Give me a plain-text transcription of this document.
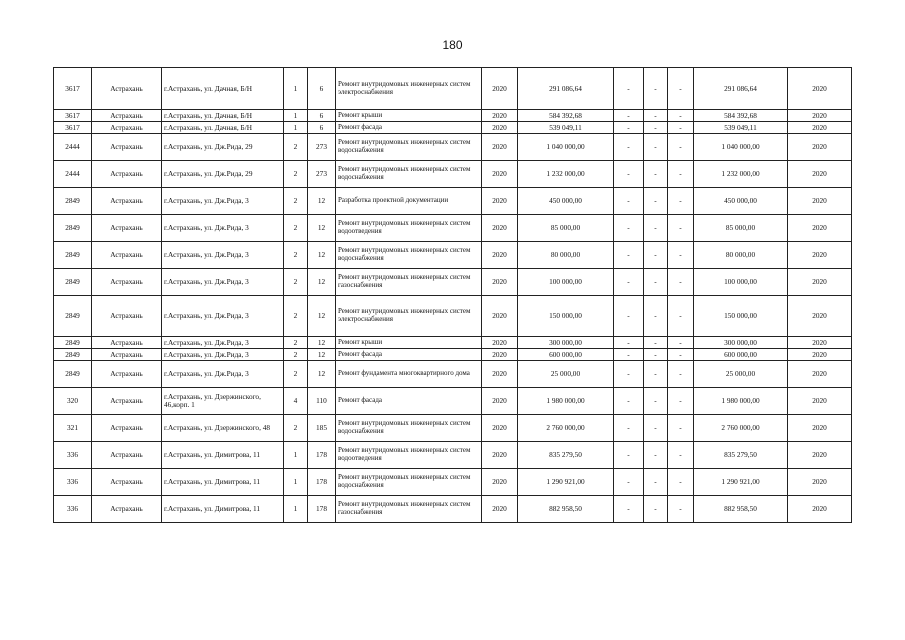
180
3617	Астрахань	г.Астрахань, ул. Дачная, Б/Н	1	6	Ремонт внутридомовых инженерных систем электроснабжения	2020	291 086,64	-	-	-	291 086,64	2020
3617	Астрахань	г.Астрахань, ул. Дачная, Б/Н	1	6	Ремонт крыши	2020	584 392,68	-	-	-	584 392,68	2020
3617	Астрахань	г.Астрахань, ул. Дачная, Б/Н	1	6	Ремонт фасада	2020	539 049,11	-	-	-	539 049,11	2020
2444	Астрахань	г.Астрахань, ул. Дж.Рида, 29	2	273	Ремонт внутридомовых инженерных систем водоснабжения	2020	1 040 000,00	-	-	-	1 040 000,00	2020
2444	Астрахань	г.Астрахань, ул. Дж.Рида, 29	2	273	Ремонт внутридомовых инженерных систем водоснабжения	2020	1 232 000,00	-	-	-	1 232 000,00	2020
2849	Астрахань	г.Астрахань, ул. Дж.Рида, 3	2	12	Разработка проектной документации	2020	450 000,00	-	-	-	450 000,00	2020
2849	Астрахань	г.Астрахань, ул. Дж.Рида, 3	2	12	Ремонт внутридомовых инженерных систем водоотведения	2020	85 000,00	-	-	-	85 000,00	2020
2849	Астрахань	г.Астрахань, ул. Дж.Рида, 3	2	12	Ремонт внутридомовых инженерных систем водоснабжения	2020	80 000,00	-	-	-	80 000,00	2020
2849	Астрахань	г.Астрахань, ул. Дж.Рида, 3	2	12	Ремонт внутридомовых инженерных систем газоснабжения	2020	100 000,00	-	-	-	100 000,00	2020
2849	Астрахань	г.Астрахань, ул. Дж.Рида, 3	2	12	Ремонт внутридомовых инженерных систем электроснабжения	2020	150 000,00	-	-	-	150 000,00	2020
2849	Астрахань	г.Астрахань, ул. Дж.Рида, 3	2	12	Ремонт крыши	2020	300 000,00	-	-	-	300 000,00	2020
2849	Астрахань	г.Астрахань, ул. Дж.Рида, 3	2	12	Ремонт фасада	2020	600 000,00	-	-	-	600 000,00	2020
2849	Астрахань	г.Астрахань, ул. Дж.Рида, 3	2	12	Ремонт фундамента многоквартирного дома	2020	25 000,00	-	-	-	25 000,00	2020
320	Астрахань	г.Астрахань, ул. Дзержинского, 46,корп. 1	4	110	Ремонт фасада	2020	1 980 000,00	-	-	-	1 980 000,00	2020
321	Астрахань	г.Астрахань, ул. Дзержинского, 48	2	185	Ремонт внутридомовых инженерных систем водоснабжения	2020	2 760 000,00	-	-	-	2 760 000,00	2020
336	Астрахань	г.Астрахань, ул. Димитрова, 11	1	178	Ремонт внутридомовых инженерных систем водоотведения	2020	835 279,50	-	-	-	835 279,50	2020
336	Астрахань	г.Астрахань, ул. Димитрова, 11	1	178	Ремонт внутридомовых инженерных систем водоснабжения	2020	1 290 921,00	-	-	-	1 290 921,00	2020
336	Астрахань	г.Астрахань, ул. Димитрова, 11	1	178	Ремонт внутридомовых инженерных систем газоснабжения	2020	882 958,50	-	-	-	882 958,50	2020
